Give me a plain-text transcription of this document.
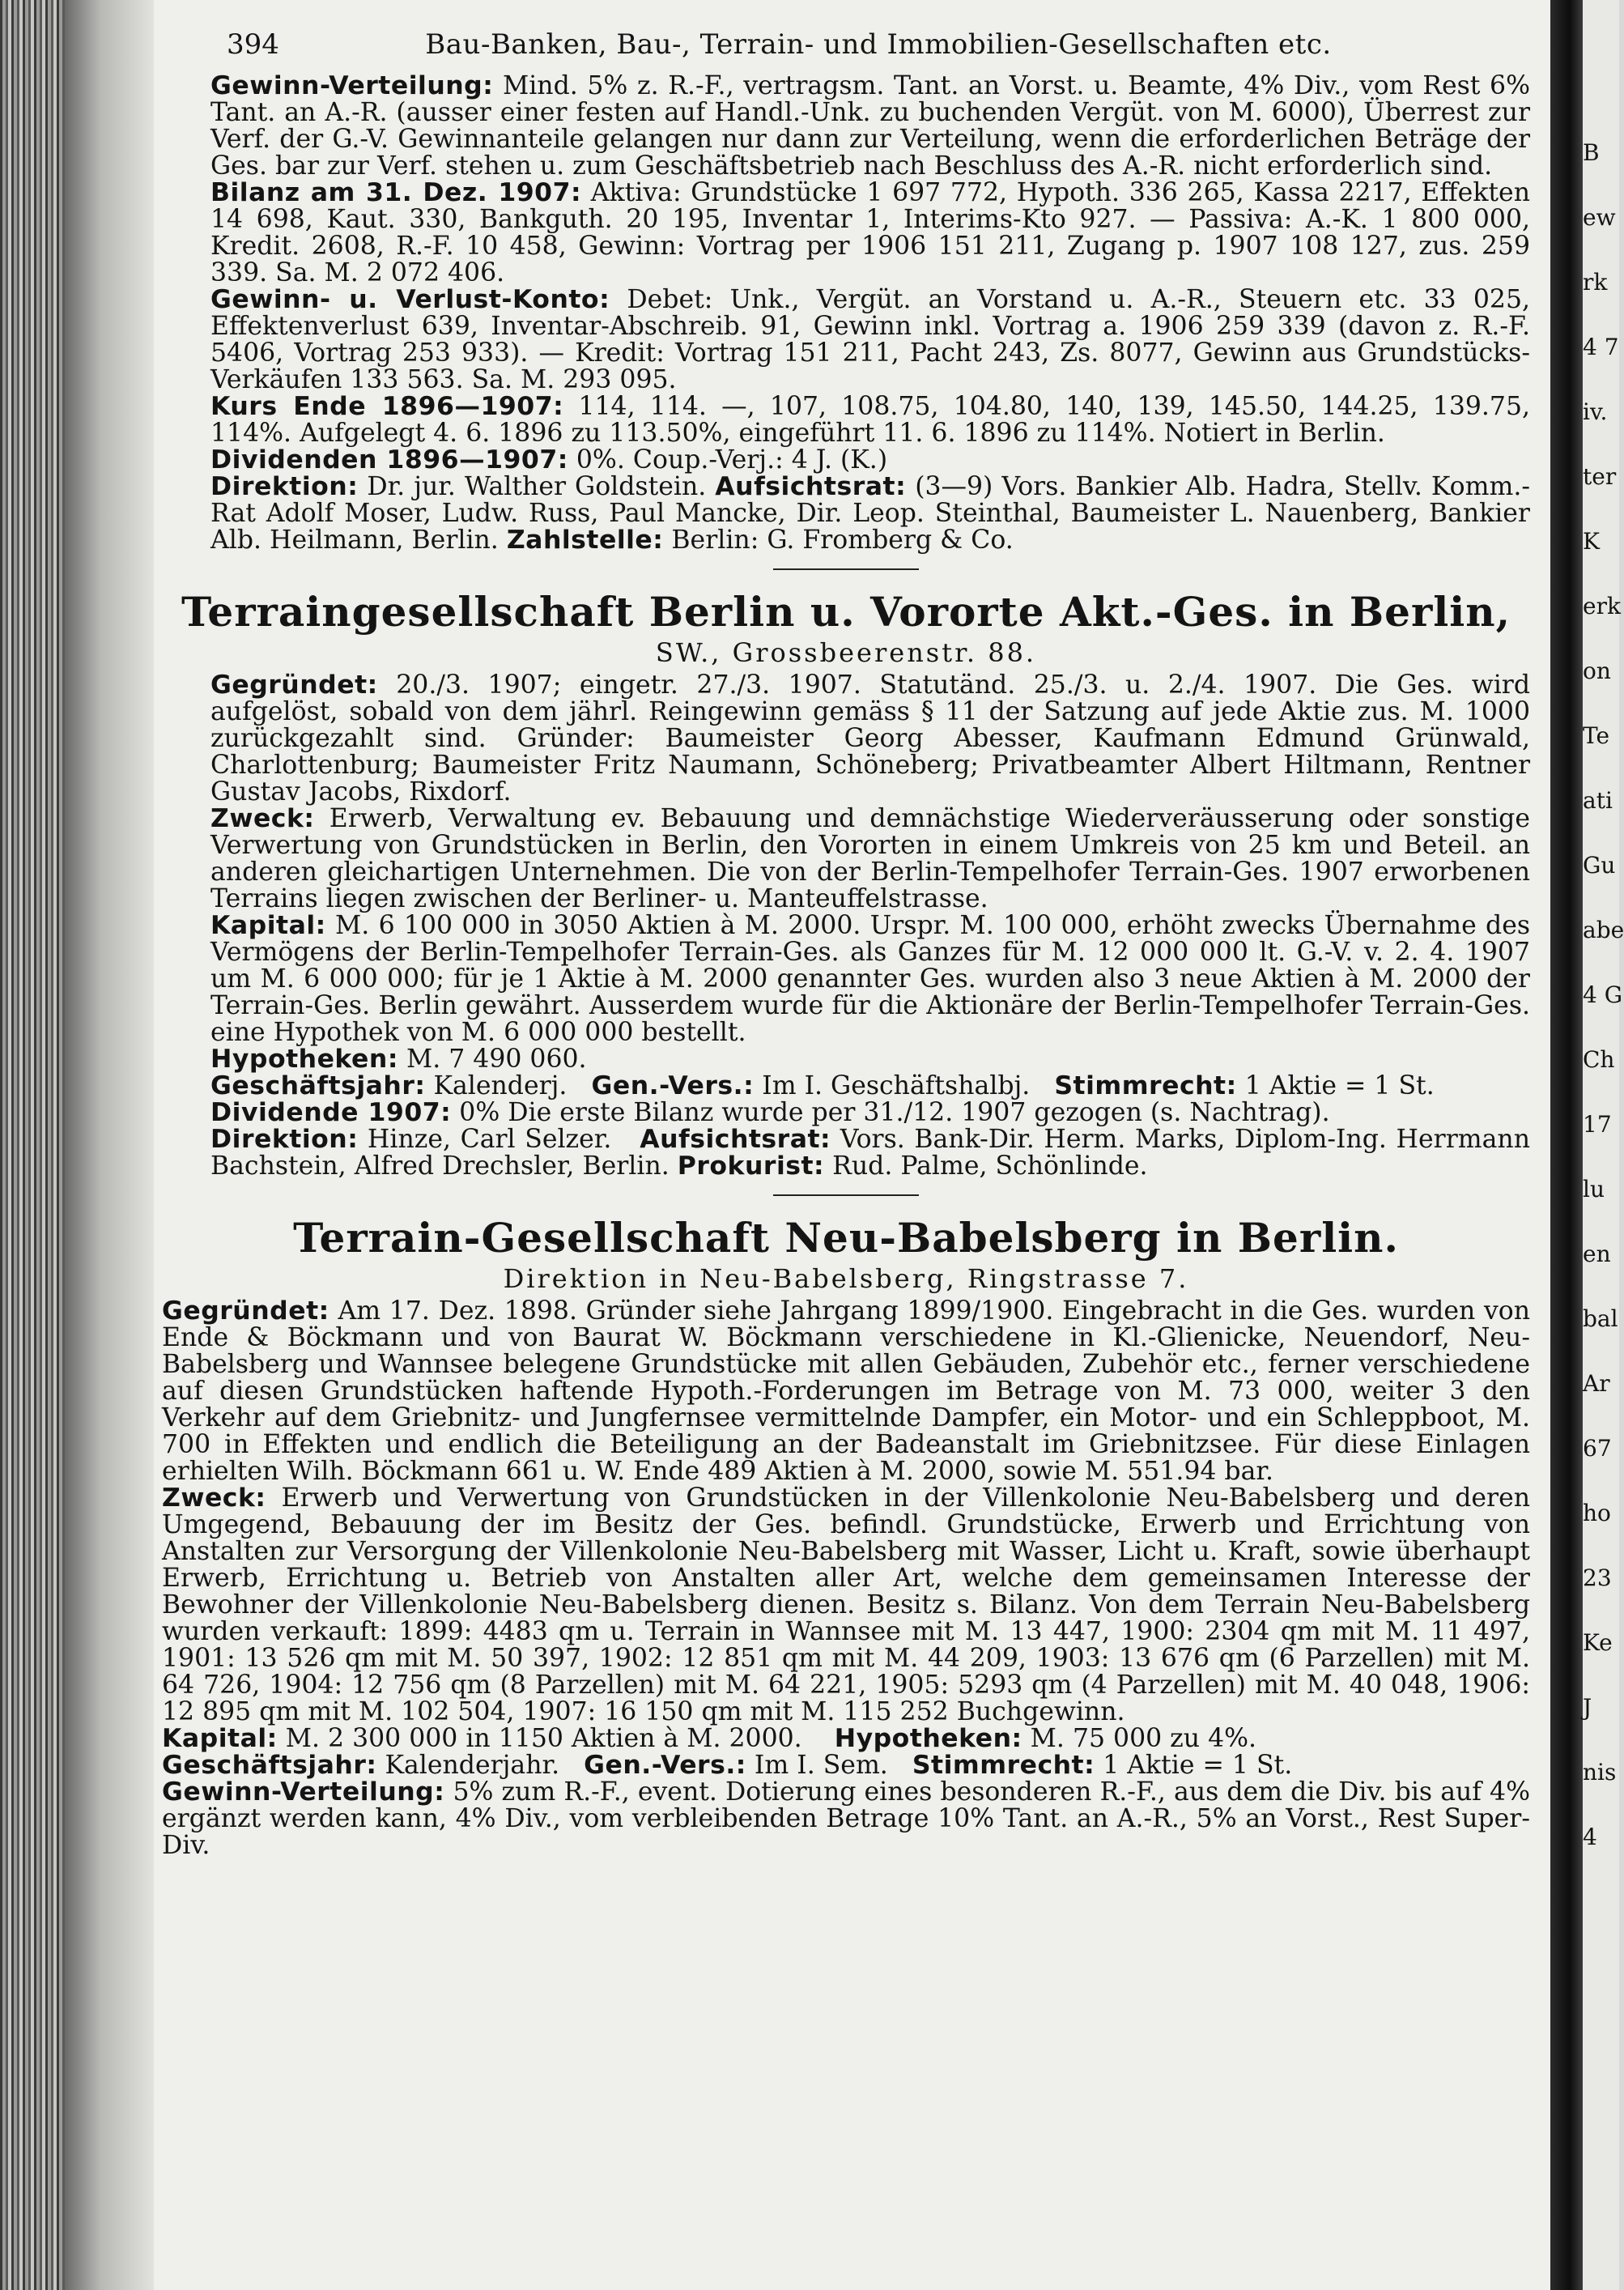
B
ew
rk
4 7
iv.
ter
K
erk
on
Te
ati
Gu
abe
4 G
Ch
17
lu
en
bal
Ar
67
ho
23
Ke
J
nis
4
394	Bau-Banken, Bau-, Terrain- und Immobilien-Gesellschaften etc.

Gewinn-Verteilung: Mind. 5% z. R.-F., vertragsm. Tant. an Vorst. u. Beamte, 4% Div., vom Rest 6% Tant. an A.-R. (ausser einer festen auf Handl.-Unk. zu buchenden Vergüt. von M. 6000), Überrest zur Verf. der G.-V. Gewinnanteile gelangen nur dann zur Verteilung, wenn die erforderlichen Beträge der Ges. bar zur Verf. stehen u. zum Geschäftsbetrieb nach Beschluss des A.-R. nicht erforderlich sind.

Bilanz am 31. Dez. 1907: Aktiva: Grundstücke 1 697 772, Hypoth. 336 265, Kassa 2217, Effekten 14 698, Kaut. 330, Bankguth. 20 195, Inventar 1, Interims-Kto 927. — Passiva: A.-K. 1 800 000, Kredit. 2608, R.-F. 10 458, Gewinn: Vortrag per 1906 151 211, Zugang p. 1907 108 127, zus. 259 339. Sa. M. 2 072 406.

Gewinn- u. Verlust-Konto: Debet: Unk., Vergüt. an Vorstand u. A.-R., Steuern etc. 33 025, Effektenverlust 639, Inventar-Abschreib. 91, Gewinn inkl. Vortrag a. 1906 259 339 (davon z. R.-F. 5406, Vortrag 253 933). — Kredit: Vortrag 151 211, Pacht 243, Zs. 8077, Gewinn aus Grundstücks-Verkäufen 133 563. Sa. M. 293 095.

Kurs Ende 1896—1907: 114, 114. —, 107, 108.75, 104.80, 140, 139, 145.50, 144.25, 139.75, 114%. Aufgelegt 4. 6. 1896 zu 113.50%, eingeführt 11. 6. 1896 zu 114%. Notiert in Berlin.

Dividenden 1896—1907: 0%. Coup.-Verj.: 4 J. (K.)

Direktion: Dr. jur. Walther Goldstein. Aufsichtsrat: (3—9) Vors. Bankier Alb. Hadra, Stellv. Komm.-Rat Adolf Moser, Ludw. Russ, Paul Mancke, Dir. Leop. Steinthal, Baumeister L. Nauenberg, Bankier Alb. Heilmann, Berlin. Zahlstelle: Berlin: G. Fromberg & Co.

Terraingesellschaft Berlin u. Vororte Akt.-Ges. in Berlin,
SW., Grossbeerenstr. 88.

Gegründet: 20./3. 1907; eingetr. 27./3. 1907. Statutänd. 25./3. u. 2./4. 1907. Die Ges. wird aufgelöst, sobald von dem jährl. Reingewinn gemäss § 11 der Satzung auf jede Aktie zus. M. 1000 zurückgezahlt sind. Gründer: Baumeister Georg Abesser, Kaufmann Edmund Grünwald, Charlottenburg; Baumeister Fritz Naumann, Schöneberg; Privatbeamter Albert Hiltmann, Rentner Gustav Jacobs, Rixdorf.

Zweck: Erwerb, Verwaltung ev. Bebauung und demnächstige Wiederveräusserung oder sonstige Verwertung von Grundstücken in Berlin, den Vororten in einem Umkreis von 25 km und Beteil. an anderen gleichartigen Unternehmen. Die von der Berlin-Tempelhofer Terrain-Ges. 1907 erworbenen Terrains liegen zwischen der Berliner- u. Manteuffelstrasse.

Kapital: M. 6 100 000 in 3050 Aktien à M. 2000. Urspr. M. 100 000, erhöht zwecks Übernahme des Vermögens der Berlin-Tempelhofer Terrain-Ges. als Ganzes für M. 12 000 000 lt. G.-V. v. 2. 4. 1907 um M. 6 000 000; für je 1 Aktie à M. 2000 genannter Ges. wurden also 3 neue Aktien à M. 2000 der Terrain-Ges. Berlin gewährt. Ausserdem wurde für die Aktionäre der Berlin-Tempelhofer Terrain-Ges. eine Hypothek von M. 6 000 000 bestellt.

Hypotheken: M. 7 490 060.

Geschäftsjahr: Kalenderj. Gen.-Vers.: Im I. Geschäftshalbj. Stimmrecht: 1 Aktie = 1 St.

Dividende 1907: 0% Die erste Bilanz wurde per 31./12. 1907 gezogen (s. Nachtrag).

Direktion: Hinze, Carl Selzer. Aufsichtsrat: Vors. Bank-Dir. Herm. Marks, Diplom-Ing. Herrmann Bachstein, Alfred Drechsler, Berlin. Prokurist: Rud. Palme, Schönlinde.

Terrain-Gesellschaft Neu-Babelsberg in Berlin.
Direktion in Neu-Babelsberg, Ringstrasse 7.

Gegründet: Am 17. Dez. 1898. Gründer siehe Jahrgang 1899/1900. Eingebracht in die Ges. wurden von Ende & Böckmann und von Baurat W. Böckmann verschiedene in Kl.-Glienicke, Neuendorf, Neu-Babelsberg und Wannsee belegene Grundstücke mit allen Gebäuden, Zubehör etc., ferner verschiedene auf diesen Grundstücken haftende Hypoth.-Forderungen im Betrage von M. 73 000, weiter 3 den Verkehr auf dem Griebnitz- und Jungfernsee vermittelnde Dampfer, ein Motor- und ein Schleppboot, M. 700 in Effekten und endlich die Beteiligung an der Badeanstalt im Griebnitzsee. Für diese Einlagen erhielten Wilh. Böckmann 661 u. W. Ende 489 Aktien à M. 2000, sowie M. 551.94 bar.

Zweck: Erwerb und Verwertung von Grundstücken in der Villenkolonie Neu-Babelsberg und deren Umgegend, Bebauung der im Besitz der Ges. befindl. Grundstücke, Erwerb und Errichtung von Anstalten zur Versorgung der Villenkolonie Neu-Babelsberg mit Wasser, Licht u. Kraft, sowie überhaupt Erwerb, Errichtung u. Betrieb von Anstalten aller Art, welche dem gemeinsamen Interesse der Bewohner der Villenkolonie Neu-Babelsberg dienen. Besitz s. Bilanz. Von dem Terrain Neu-Babelsberg wurden verkauft: 1899: 4483 qm u. Terrain in Wannsee mit M. 13 447, 1900: 2304 qm mit M. 11 497, 1901: 13 526 qm mit M. 50 397, 1902: 12 851 qm mit M. 44 209, 1903: 13 676 qm (6 Parzellen) mit M. 64 726, 1904: 12 756 qm (8 Parzellen) mit M. 64 221, 1905: 5293 qm (4 Parzellen) mit M. 40 048, 1906: 12 895 qm mit M. 102 504, 1907: 16 150 qm mit M. 115 252 Buchgewinn.

Kapital: M. 2 300 000 in 1150 Aktien à M. 2000. Hypotheken: M. 75 000 zu 4%.

Geschäftsjahr: Kalenderjahr. Gen.-Vers.: Im I. Sem. Stimmrecht: 1 Aktie = 1 St.

Gewinn-Verteilung: 5% zum R.-F., event. Dotierung eines besonderen R.-F., aus dem die Div. bis auf 4% ergänzt werden kann, 4% Div., vom verbleibenden Betrage 10% Tant. an A.-R., 5% an Vorst., Rest Super-Div.
